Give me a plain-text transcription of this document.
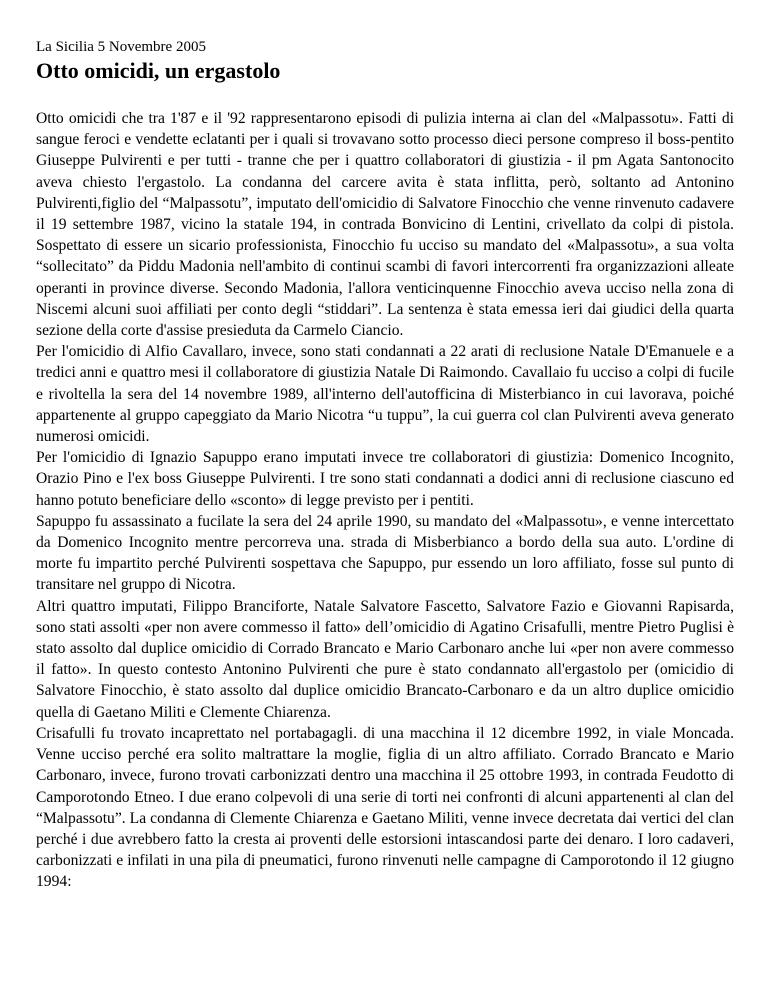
La Sicilia 5 Novembre 2005

Otto omicidi, un ergastolo

Otto omicidi che tra 1'87 e il '92 rappresentarono episodi di pulizia interna ai clan del «Malpassotu». Fatti di sangue feroci e vendette eclatanti per i quali si trovavano sotto processo dieci persone compreso il boss-pentito Giuseppe Pulvirenti e per tutti - tranne che per i quattro collaboratori di giustizia - il pm Agata Santonocito aveva chiesto l'ergastolo. La condanna del carcere avita è stata inflitta, però, soltanto ad Antonino Pulvirenti,figlio del “Malpassotu”, imputato dell'omicidio di Salvatore Finocchio che venne rinvenuto cadavere il 19 settembre 1987, vicino la statale 194, in contrada Bonvicino di Lentini, crivellato da colpi di pistola. Sospettato di essere un sicario professionista, Finocchio fu ucciso su mandato del «Malpassotu», a sua volta “sollecitato” da Piddu Madonia nell'ambito di continui scambi di favori intercorrenti fra organizzazioni alleate operanti in province diverse. Secondo Madonia, l'allora venticinquenne Finocchio aveva ucciso nella zona di Niscemi alcuni suoi affiliati per conto degli “stiddari”. La sentenza è stata emessa ieri dai giudici della quarta sezione della corte d'assise presieduta da Carmelo Ciancio.

Per l'omicidio di Alfio Cavallaro, invece, sono stati condannati a 22 arati di reclusione Natale D'Emanuele e a tredici anni e quattro mesi il collaboratore di giustizia Natale Di Raimondo. Cavallaio fu ucciso a colpi di fucile e rivoltella la sera del 14 novembre 1989, all'interno dell'autofficina di Misterbianco in cui lavorava, poiché appartenente al gruppo capeggiato da Mario Nicotra “u tuppu”, la cui guerra col clan Pulvirenti aveva generato numerosi omicidi.

Per l'omicidio di Ignazio Sapuppo erano imputati invece tre collaboratori di giustizia: Domenico Incognito, Orazio Pino e l'ex boss Giuseppe Pulvirenti. I tre sono stati condannati a dodici anni di reclusione ciascuno ed hanno potuto beneficiare dello «sconto» di legge previsto per i pentiti.

Sapuppo fu assassinato a fucilate la sera del 24 aprile 1990, su mandato del «Malpassotu», e venne intercettato da Domenico Incognito mentre percorreva una. strada di Misberbianco a bordo della sua auto. L'ordine di morte fu impartito perché Pulvirenti sospettava che Sapuppo, pur essendo un loro affiliato, fosse sul punto di transitare nel gruppo di Nicotra.

Altri quattro imputati, Filippo Branciforte, Natale Salvatore Fascetto, Salvatore Fazio e Giovanni Rapisarda, sono stati assolti «per non avere commesso il fatto» dell’omicidio di Agatino Crisafulli, mentre Pietro Puglisi è stato assolto dal duplice omicidio di Corrado Brancato e Mario Carbonaro anche lui «per non avere commesso il fatto». In questo contesto Antonino Pulvirenti che pure è stato condannato all'ergastolo per (omicidio di Salvatore Finocchio, è stato assolto dal duplice omicidio Brancato-Carbonaro e da un altro duplice omicidio quella di Gaetano Militi e Clemente Chiarenza.

Crisafulli fu trovato incaprettato nel portabagagli. di una macchina il 12 dicembre 1992, in viale Moncada. Venne ucciso perché era solito maltrattare la moglie, figlia di un altro affiliato. Corrado Brancato e Mario Carbonaro, invece, furono trovati carbonizzati dentro una macchina il 25 ottobre 1993, in contrada Feudotto di Camporotondo Etneo. I due erano colpevoli di una serie di torti nei confronti di alcuni appartenenti al clan del “Malpassotu”. La condanna di Clemente Chiarenza e Gaetano Militi, venne invece decretata dai vertici del clan perché i due avrebbero fatto la cresta ai proventi delle estorsioni intascandosi parte dei denaro. I loro cadaveri, carbonizzati e infilati in una pila di pneumatici, furono rinvenuti nelle campagne di Camporotondo il 12 giugno 1994:
